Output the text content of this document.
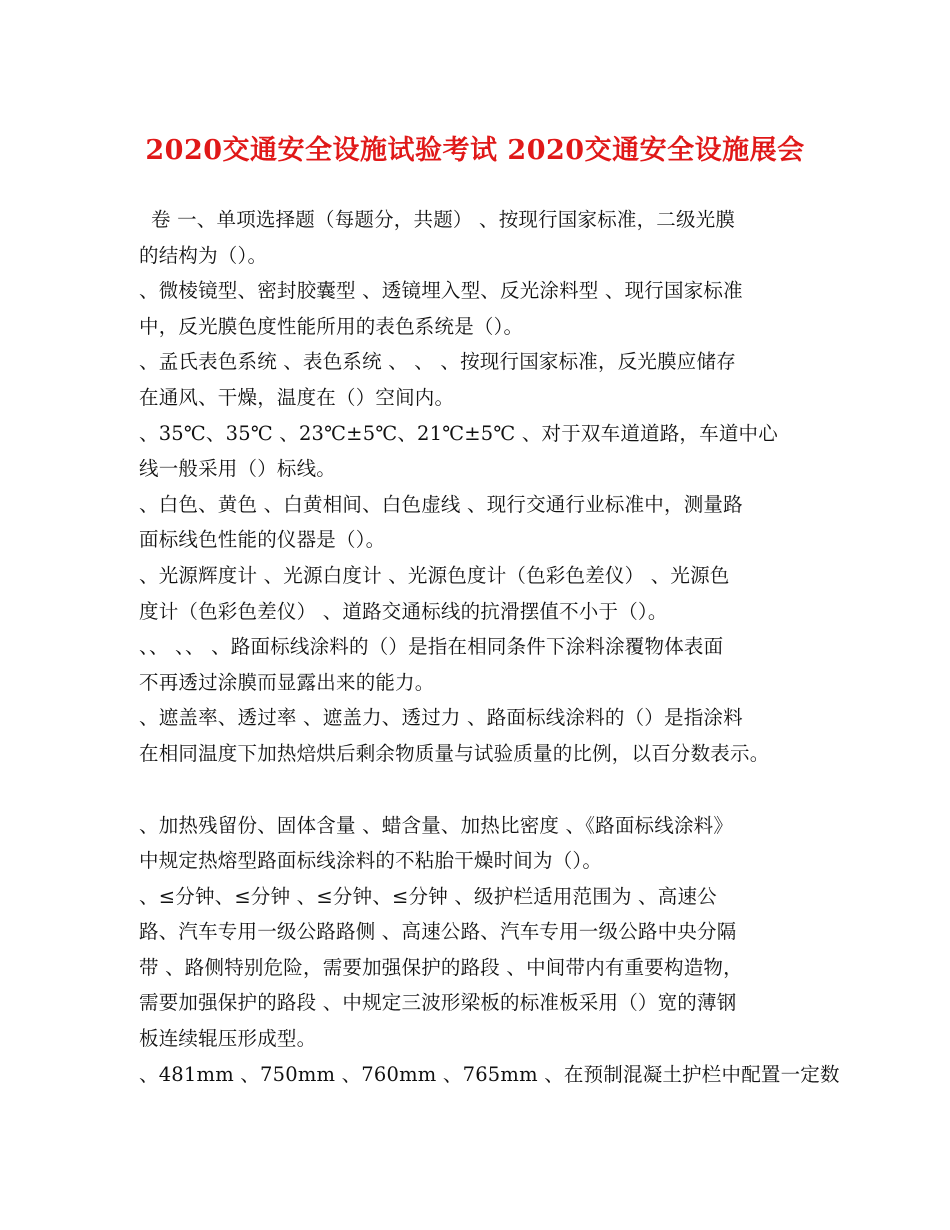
2020交通安全设施试验考试 2020交通安全设施展会
卷 一、单项选择题（每题分，共题） 、按现行国家标准，二级光膜
的结构为（）。
、微棱镜型、密封胶囊型 、透镜埋入型、反光涂料型 、现行国家标准
中，反光膜色度性能所用的表色系统是（）。
、孟氏表色系统 、表色系统 、 、 、按现行国家标准，反光膜应储存
在通风、干燥，温度在（）空间内。
、35℃、35℃ 、23℃±5℃、21℃±5℃ 、对于双车道道路，车道中心
线一般采用（）标线。
、白色、黄色 、白黄相间、白色虚线 、现行交通行业标准中，测量路
面标线色性能的仪器是（）。
、光源辉度计 、光源白度计 、光源色度计（色彩色差仪） 、光源色
度计（色彩色差仪） 、道路交通标线的抗滑摆值不小于（）。
、、 、、 、路面标线涂料的（）是指在相同条件下涂料涂覆物体表面
不再透过涂膜而显露出来的能力。
、遮盖率、透过率 、遮盖力、透过力 、路面标线涂料的（）是指涂料
在相同温度下加热焙烘后剩余物质量与试验质量的比例，以百分数表示。
、加热残留份、固体含量 、蜡含量、加热比密度 、《路面标线涂料》
中规定热熔型路面标线涂料的不粘胎干燥时间为（）。
、≤分钟、≤分钟 、≤分钟、≤分钟 、级护栏适用范围为 、高速公
路、汽车专用一级公路路侧 、高速公路、汽车专用一级公路中央分隔
带 、路侧特别危险，需要加强保护的路段 、中间带内有重要构造物，
需要加强保护的路段 、中规定三波形梁板的标准板采用（）宽的薄钢
板连续辊压形成型。
、481mm 、750mm 、760mm 、765mm 、在预制混凝土护栏中配置一定数
